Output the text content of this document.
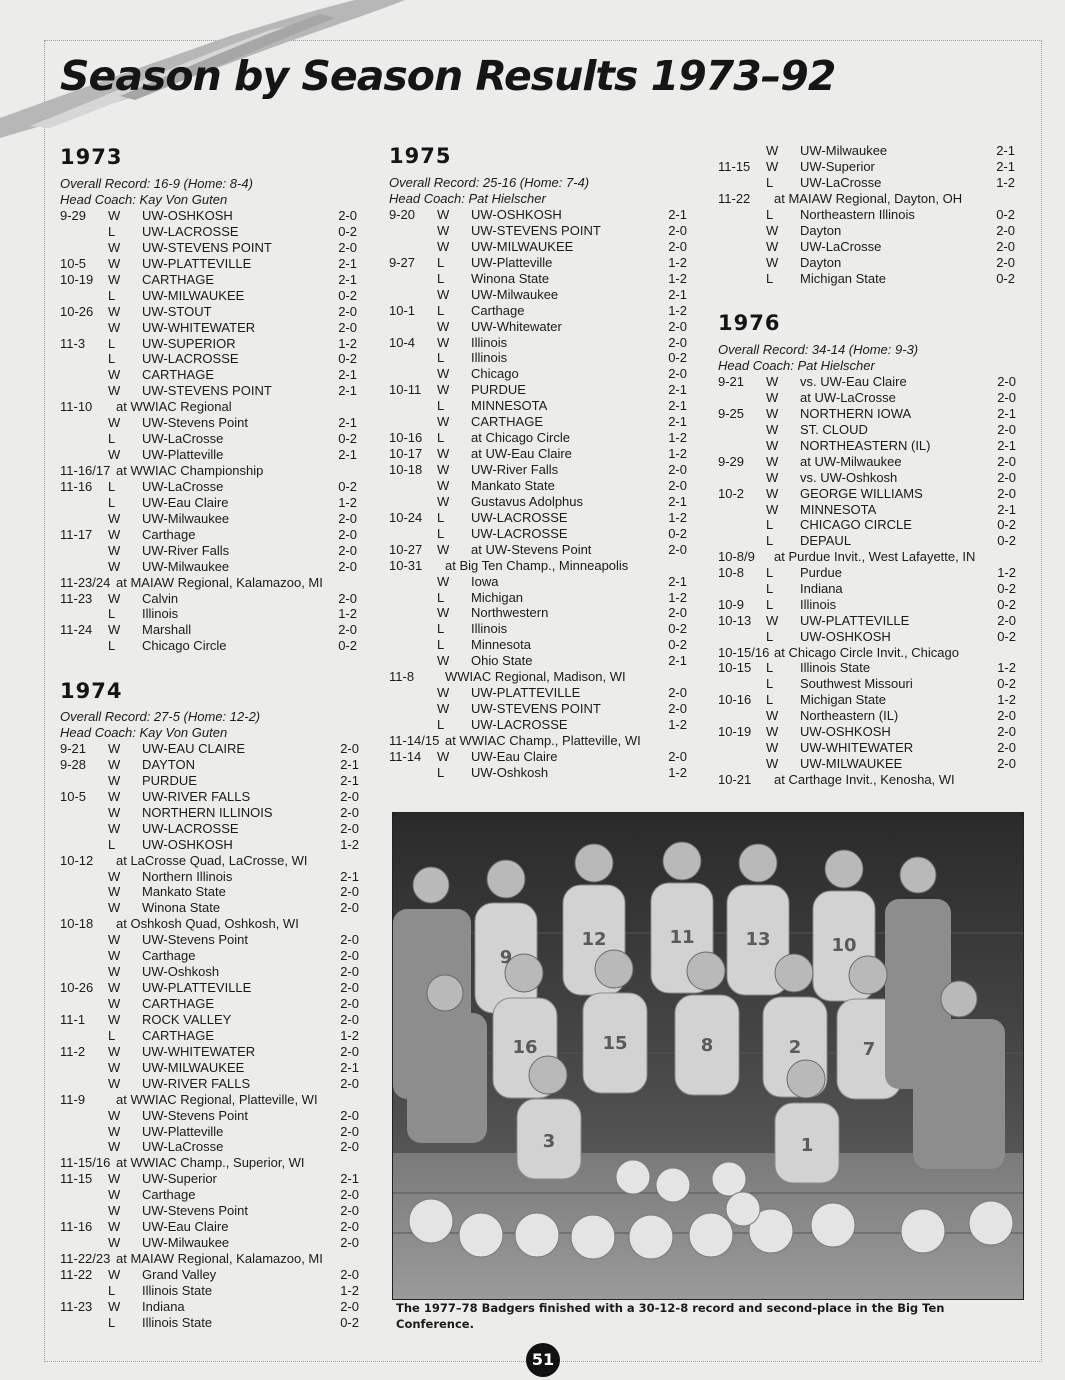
Season by Season Results 1973–92
1973
Overall Record: 16-9 (Home: 8-4)
Head Coach: Kay Von Guten
9-29 W UW-OSHKOSH	2-0
L UW-LACROSSE	0-2
W UW-STEVENS POINT	2-0
10-5 W UW-PLATTEVILLE	2-1
10-19 W CARTHAGE	2-1
L UW-MILWAUKEE	0-2
10-26 W UW-STOUT	2-0
W UW-WHITEWATER	2-0
11-3 L UW-SUPERIOR	1-2
L UW-LACROSSE	0-2
W CARTHAGE	2-1
W UW-STEVENS POINT	2-1
11-10 at WWIAC Regional
W UW-Stevens Point	2-1
L UW-LaCrosse	0-2
W UW-Platteville	2-1
11-16/17 at WWIAC Championship
11-16 L UW-LaCrosse	0-2
L UW-Eau Claire	1-2
W UW-Milwaukee	2-0
11-17 W Carthage	2-0
W UW-River Falls	2-0
W UW-Milwaukee	2-0
11-23/24 at MAIAW Regional, Kalamazoo, MI
11-23 W Calvin	2-0
L Illinois	1-2
11-24 W Marshall	2-0
L Chicago Circle	0-2
1974
Overall Record: 27-5 (Home: 12-2)
Head Coach: Kay Von Guten
9-21 W UW-EAU CLAIRE	2-0
9-28 W DAYTON	2-1
W PURDUE	2-1
10-5 W UW-RIVER FALLS	2-0
W NORTHERN ILLINOIS	2-0
W UW-LACROSSE	2-0
L UW-OSHKOSH	1-2
10-12 at LaCrosse Quad, LaCrosse, WI
W Northern Illinois	2-1
W Mankato State	2-0
W Winona State	2-0
10-18 at Oshkosh Quad, Oshkosh, WI
W UW-Stevens Point	2-0
W Carthage	2-0
W UW-Oshkosh	2-0
10-26 W UW-PLATTEVILLE	2-0
W CARTHAGE	2-0
11-1 W ROCK VALLEY	2-0
L CARTHAGE	1-2
11-2 W UW-WHITEWATER	2-0
W UW-MILWAUKEE	2-1
W UW-RIVER FALLS	2-0
11-9 at WWIAC Regional, Platteville, WI
W UW-Stevens Point	2-0
W UW-Platteville	2-0
W UW-LaCrosse	2-0
11-15/16 at WWIAC Champ., Superior, WI
11-15 W UW-Superior	2-1
W Carthage	2-0
W UW-Stevens Point	2-0
11-16 W UW-Eau Claire	2-0
W UW-Milwaukee	2-0
11-22/23 at MAIAW Regional, Kalamazoo, MI
11-22 W Grand Valley	2-0
L Illinois State	1-2
11-23 W Indiana	2-0
L Illinois State	0-2
1975
Overall Record: 25-16 (Home: 7-4)
Head Coach: Pat Hielscher
9-20 W UW-OSHKOSH	2-1
W UW-STEVENS POINT	2-0
W UW-MILWAUKEE	2-0
9-27 L UW-Platteville	1-2
L Winona State	1-2
W UW-Milwaukee	2-1
10-1 L Carthage	1-2
W UW-Whitewater	2-0
10-4 W Illinois	2-0
L Illinois	0-2
W Chicago	2-0
10-11 W PURDUE	2-1
L MINNESOTA	2-1
W CARTHAGE	2-1
10-16 L at Chicago Circle	1-2
10-17 W at UW-Eau Claire	1-2
10-18 W UW-River Falls	2-0
W Mankato State	2-0
W Gustavus Adolphus	2-1
10-24 L UW-LACROSSE	1-2
L UW-LACROSSE	0-2
10-27 W at UW-Stevens Point	2-0
10-31 at Big Ten Champ., Minneapolis
W Iowa	2-1
L Michigan	1-2
W Northwestern	2-0
L Illinois	0-2
L Minnesota	0-2
W Ohio State	2-1
11-8 WWIAC Regional, Madison, WI
W UW-PLATTEVILLE	2-0
W UW-STEVENS POINT	2-0
L UW-LACROSSE	1-2
11-14/15 at WWIAC Champ., Platteville, WI
11-14 W UW-Eau Claire	2-0
L UW-Oshkosh	1-2
W UW-Milwaukee	2-1
11-15 W UW-Superior	2-1
L UW-LaCrosse	1-2
11-22 at MAIAW Regional, Dayton, OH
L Northeastern Illinois	0-2
W Dayton	2-0
W UW-LaCrosse	2-0
W Dayton	2-0
L Michigan State	0-2
1976
Overall Record: 34-14 (Home: 9-3)
Head Coach: Pat Hielscher
9-21 W vs. UW-Eau Claire	2-0
W at UW-LaCrosse	2-0
9-25 W NORTHERN IOWA	2-1
W ST. CLOUD	2-0
W NORTHEASTERN (IL)	2-1
9-29 W at UW-Milwaukee	2-0
W vs. UW-Oshkosh	2-0
10-2 W GEORGE WILLIAMS	2-0
W MINNESOTA	2-1
L CHICAGO CIRCLE	0-2
L DEPAUL	0-2
10-8/9 at Purdue Invit., West Lafayette, IN
10-8 L Purdue	1-2
L Indiana	0-2
10-9 L Illinois	0-2
10-13 W UW-PLATTEVILLE	2-0
L UW-OSHKOSH	0-2
10-15/16 at Chicago Circle Invit., Chicago
10-15 L Illinois State	1-2
L Southwest Missouri	0-2
10-16 L Michigan State	1-2
W Northeastern (IL)	2-0
10-19 W UW-OSHKOSH	2-0
W UW-WHITEWATER	2-0
W UW-MILWAUKEE	2-0
10-21 at Carthage Invit., Kenosha, WI
9
12	11	13	10
16	15	8	2	7
3	1
The 1977–78 Badgers finished with a 30-12-8 record and second-place in the Big Ten Conference.
51
